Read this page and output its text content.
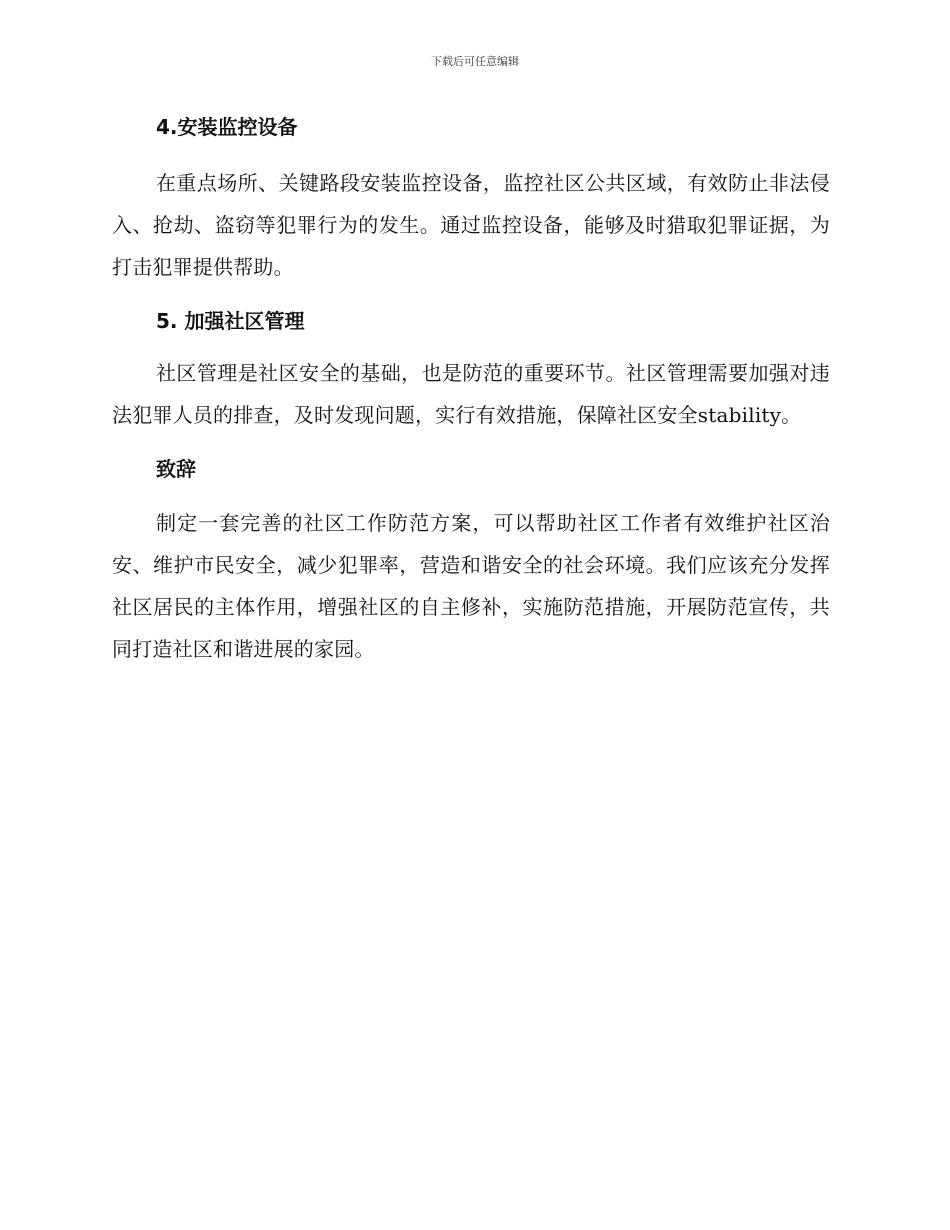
下载后可任意编辑
4.安装监控设备

在重点场所、关键路段安装监控设备，监控社区公共区域，有效防止非法侵入、抢劫、盗窃等犯罪行为的发生。通过监控设备，能够及时猎取犯罪证据，为打击犯罪提供帮助。

5. 加强社区管理

社区管理是社区安全的基础，也是防范的重要环节。社区管理需要加强对违法犯罪人员的排查，及时发现问题，实行有效措施，保障社区安全stability。

致辞

制定一套完善的社区工作防范方案，可以帮助社区工作者有效维护社区治安、维护市民安全，减少犯罪率，营造和谐安全的社会环境。我们应该充分发挥社区居民的主体作用，增强社区的自主修补，实施防范措施，开展防范宣传，共同打造社区和谐进展的家园。
